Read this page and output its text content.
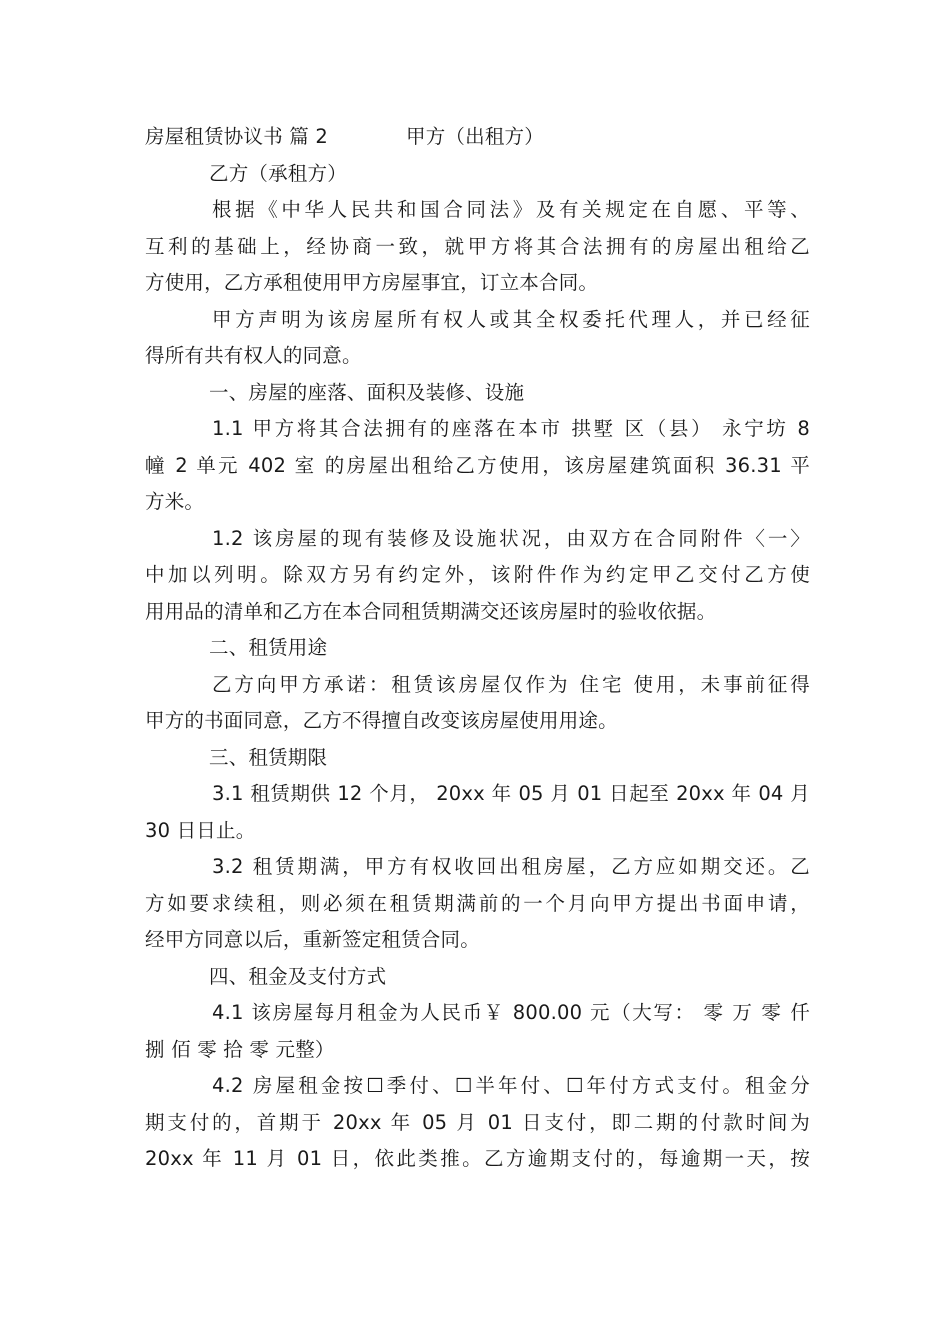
房屋租赁协议书 篇 2	甲方（出租方）
乙方（承租方）
根据《中华人民共和国合同法》及有关规定在自愿、平等、
互利的基础上，经协商一致，就甲方将其合法拥有的房屋出租给乙
方使用，乙方承租使用甲方房屋事宜，订立本合同。
甲方声明为该房屋所有权人或其全权委托代理人，并已经征
得所有共有权人的同意。
一、房屋的座落、面积及装修、设施
1.1 甲方将其合法拥有的座落在本市 拱墅 区（县） 永宁坊 8
幢 2 单元 402 室 的房屋出租给乙方使用，该房屋建筑面积 36.31 平
方米。
1.2 该房屋的现有装修及设施状况，由双方在合同附件〈一〉
中加以列明。除双方另有约定外，该附件作为约定甲乙交付乙方使
用用品的清单和乙方在本合同租赁期满交还该房屋时的验收依据。
二、租赁用途
乙方向甲方承诺：租赁该房屋仅作为 住宅 使用，未事前征得
甲方的书面同意，乙方不得擅自改变该房屋使用用途。
三、租赁期限
3.1 租赁期供 12 个月， 20xx 年 05 月 01 日起至 20xx 年 04 月
30 日日止。
3.2 租赁期满，甲方有权收回出租房屋，乙方应如期交还。乙
方如要求续租，则必须在租赁期满前的一个月向甲方提出书面申请，
经甲方同意以后，重新签定租赁合同。
四、租金及支付方式
4.1 该房屋每月租金为人民币￥ 800.00 元（大写： 零 万 零 仟
捌 佰 零 拾 零 元整）
4.2 房屋租金按☐季付、☐半年付、☐年付方式支付。租金分
期支付的，首期于 20xx 年 05 月 01 日支付，即二期的付款时间为
20xx 年 11 月 01 日，依此类推。乙方逾期支付的，每逾期一天，按
